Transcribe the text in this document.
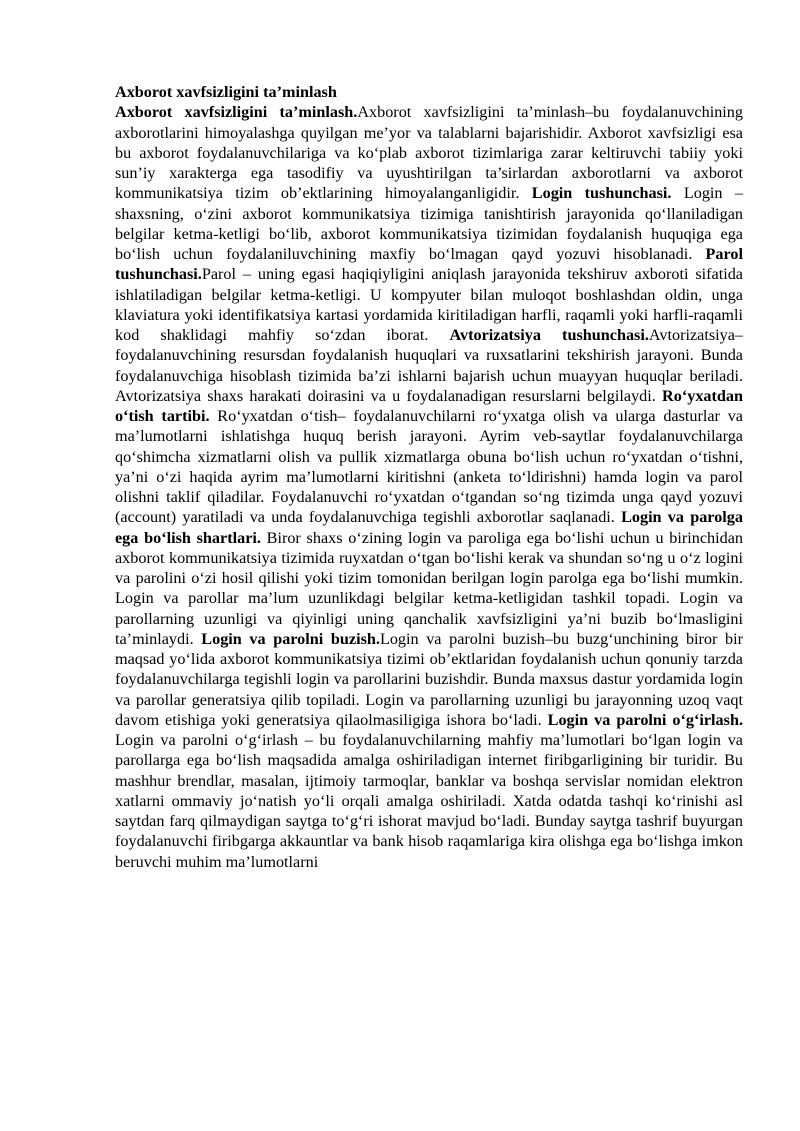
Axborot xavfsizligini ta’minlash

Axborot xavfsizligini ta’minlash.Axborot xavfsizligini ta’minlash–bu foydalanuvchining axborotlarini himoyalashga quyilgan me’yor va talablarni bajarishidir. Axborot xavfsizligi esa bu axborot foydalanuvchilariga va koʻplab axborot tizimlariga zarar keltiruvchi tabiiy yoki sun’iy xarakterga ega tasodifiy va uyushtirilgan ta’sirlardan axborotlarni va axborot kommunikatsiya tizim ob’ektlarining himoyalanganligidir. Login tushunchasi. Login – shaxsning, oʻzini axborot kommunikatsiya tizimiga tanishtirish jarayonida qoʻllaniladigan belgilar ketma-ketligi boʻlib, axborot kommunikatsiya tizimidan foydalanish huquqiga ega boʻlish uchun foydalaniluvchining maxfiy boʻlmagan qayd yozuvi hisoblanadi. Parol tushunchasi.Parol – uning egasi haqiqiyligini aniqlash jarayonida tekshiruv axboroti sifatida ishlatiladigan belgilar ketma-ketligi. U kompyuter bilan muloqot boshlashdan oldin, unga klaviatura yoki identifikatsiya kartasi yordamida kiritiladigan harfli, raqamli yoki harfli-raqamli kod shaklidagi mahfiy soʻzdan iborat. Avtorizatsiya tushunchasi.Avtorizatsiya–foydalanuvchining resursdan foydalanish huquqlari va ruxsatlarini tekshirish jarayoni. Bunda foydalanuvchiga hisoblash tizimida ba’zi ishlarni bajarish uchun muayyan huquqlar beriladi. Avtorizatsiya shaxs harakati doirasini va u foydalanadigan resurslarni belgilaydi. Roʻyxatdan oʻtish tartibi. Roʻyxatdan oʻtish– foydalanuvchilarni roʻyxatga olish va ularga dasturlar va ma’lumotlarni ishlatishga huquq berish jarayoni. Ayrim veb-saytlar foydalanuvchilarga qoʻshimcha xizmatlarni olish va pullik xizmatlarga obuna boʻlish uchun roʻyxatdan oʻtishni, ya’ni oʻzi haqida ayrim ma’lumotlarni kiritishni (anketa toʻldirishni) hamda login va parol olishni taklif qiladilar. Foydalanuvchi roʻyxatdan oʻtgandan soʻng tizimda unga qayd yozuvi (account) yaratiladi va unda foydalanuvchiga tegishli axborotlar saqlanadi. Login va parolga ega boʻlish shartlari. Biror shaxs oʻzining login va paroliga ega boʻlishi uchun u birinchidan axborot kommunikatsiya tizimida ruyxatdan oʻtgan boʻlishi kerak va shundan soʻng u oʻz logini va parolini oʻzi hosil qilishi yoki tizim tomonidan berilgan login parolga ega boʻlishi mumkin. Login va parollar ma’lum uzunlikdagi belgilar ketma-ketligidan tashkil topadi. Login va parollarning uzunligi va qiyinligi uning qanchalik xavfsizligini ya’ni buzib boʻlmasligini ta’minlaydi. Login va parolni buzish.Login va parolni buzish–bu buzgʻunchining biror bir maqsad yoʻlida axborot kommunikatsiya tizimi ob’ektlaridan foydalanish uchun qonuniy tarzda foydalanuvchilarga tegishli login va parollarini buzishdir. Bunda maxsus dastur yordamida login va parollar generatsiya qilib topiladi. Login va parollarning uzunligi bu jarayonning uzoq vaqt davom etishiga yoki generatsiya qilaolmasiligiga ishora boʻladi. Login va parolni oʻgʻirlash. Login va parolni oʻgʻirlash – bu foydalanuvchilarning mahfiy ma’lumotlari boʻlgan login va parollarga ega boʻlish maqsadida amalga oshiriladigan internet firibgarligining bir turidir. Bu mashhur brendlar, masalan, ijtimoiy tarmoqlar, banklar va boshqa servislar nomidan elektron xatlarni ommaviy joʻnatish yoʻli orqali amalga oshiriladi. Xatda odatda tashqi koʻrinishi asl saytdan farq qilmaydigan saytga toʻgʻri ishorat mavjud boʻladi. Bunday saytga tashrif buyurgan foydalanuvchi firibgarga akkauntlar va bank hisob raqamlariga kira olishga ega boʻlishga imkon beruvchi muhim ma’lumotlarni
